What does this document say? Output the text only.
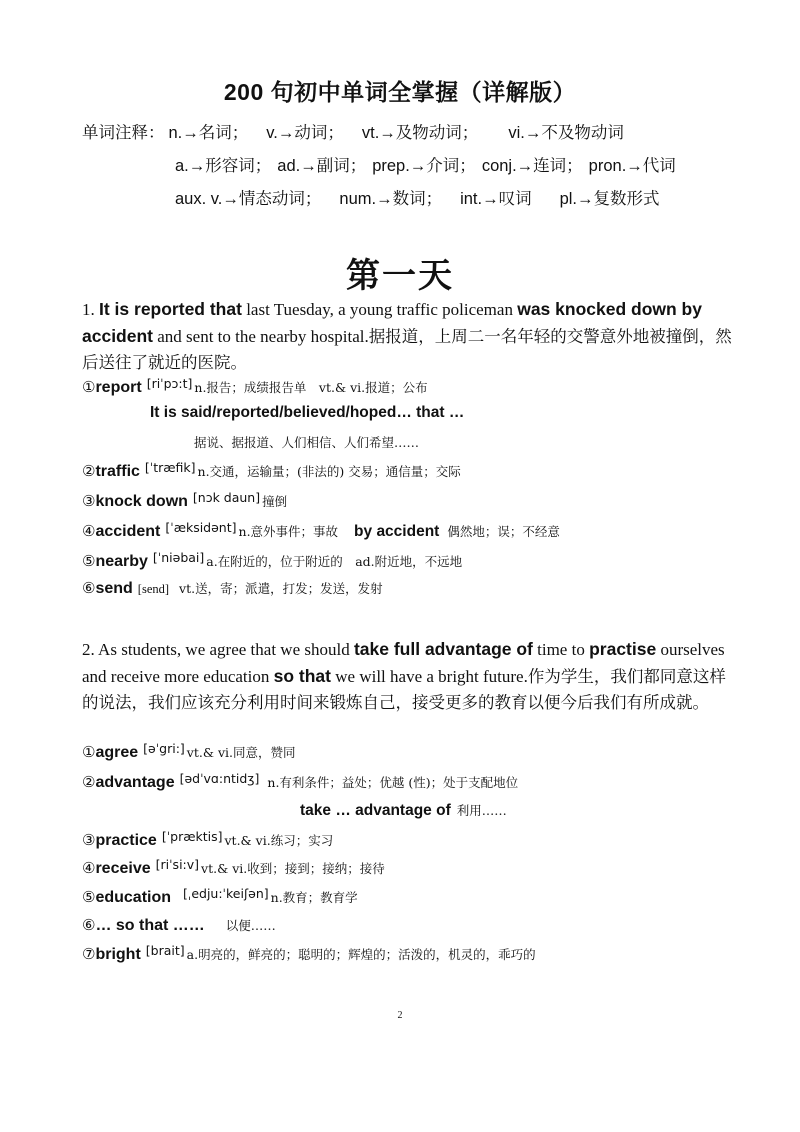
200 句初中单词全掌握（详解版）
单词注释： n.→名词； v.→动词； vt.→及物动词； vi.→不及物动词
a.→形容词； ad.→副词； prep.→介词； conj.→连词； pron.→代词
aux. v.→情态动词； num.→数词； int.→叹词 pl.→复数形式
第一天
1. It is reported that last Tuesday, a young traffic policeman was knocked down by accident and sent to the nearby hospital.据报道，上周二一名年轻的交警意外地被撞倒，然后送往了就近的医院。
①report [riˈpɔ:t] n.报告；成绩报告单　vt.& vi.报道；公布
It is said/reported/believed/hoped… that …
据说、据报道、人们相信、人们希望……
②traffic [ˈtræfik] n.交通，运输量；(非法的) 交易；通信量；交际
③knock down [nɔk daun] 撞倒
④accident [ˈæksidənt] n.意外事件；事故 by accident 偶然地；误；不经意
⑤nearby [ˈniəbai] a.在附近的，位于附近的　ad.附近地，不远地
⑥send [send] vt.送，寄；派遣，打发；发送，发射
2. As students, we agree that we should take full advantage of time to practise ourselves and receive more education so that we will have a bright future.作为学生，我们都同意这样的说法，我们应该充分利用时间来锻炼自己，接受更多的教育以便今后我们有所成就。
①agree [əˈgri:] vt.& vi.同意，赞同
②advantage [ədˈvɑ:ntidʒ] n.有利条件；益处；优越 (性)；处于支配地位
take … advantage of 利用……
③practice [ˈpræktis] vt.& vi.练习；实习
④receive [riˈsi:v] vt.& vi.收到；接到；接纳；接待
⑤education [ˌedju:ˈkeiʃən] n.教育；教育学
⑥… so that …… 以便……
⑦bright [brait] a.明亮的，鲜亮的；聪明的；辉煌的；活泼的，机灵的，乖巧的
2
